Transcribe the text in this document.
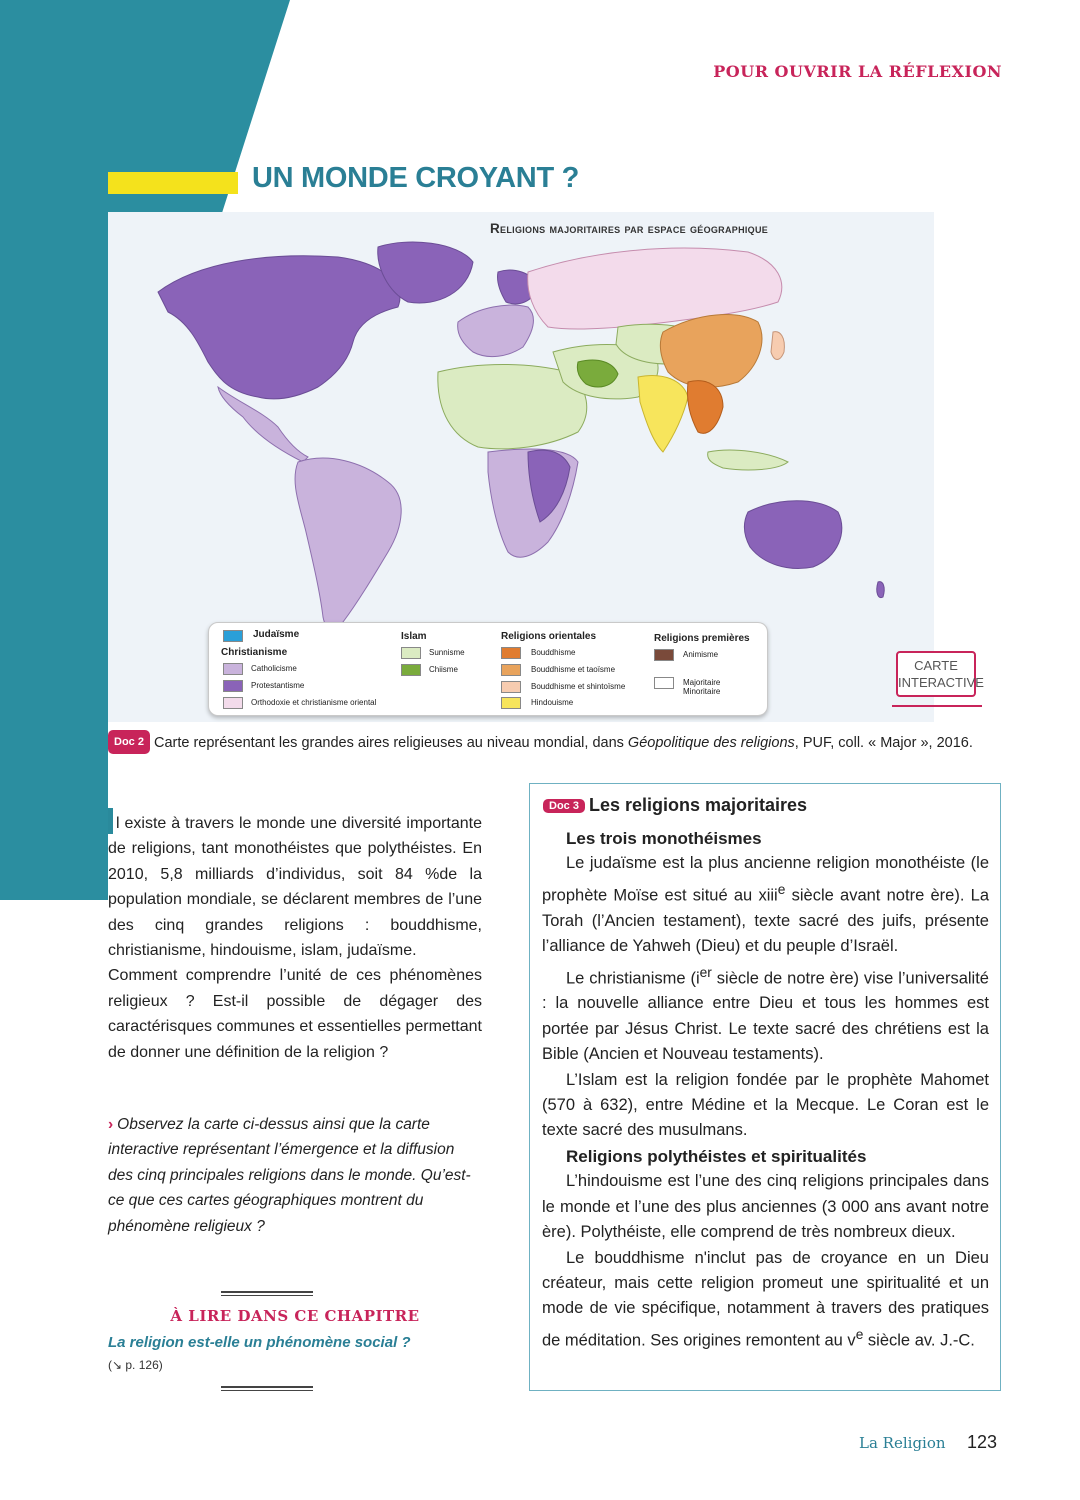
POUR OUVRIR LA RÉFLEXION
UN MONDE CROYANT ?
Religions majoritaires par espace géographique
Judaïsme
Christianisme
Catholicisme
Protestantisme
Orthodoxie et christianisme oriental
Islam
Sunnisme
Chiisme
Religions orientales
Bouddhisme
Bouddhisme et taoïsme
Bouddhisme et shintoïsme
Hindouisme
Religions premières
Animisme
Majoritaire
Minoritaire
CARTE
INTERACTIVE
Doc 2 Carte représentant les grandes aires religieuses au niveau mondial, dans Géopolitique des religions, PUF, coll. « Major », 2016.
l existe à travers le monde une diversité importante de religions, tant monothéistes que polythéistes. En 2010, 5,8 milliards d’individus, soit 84 %de la population mondiale, se déclarent membres de l’une des cinq grandes religions : bouddhisme, christianisme, hindouisme, islam, judaïsme.
Comment comprendre l’unité de ces phénomènes religieux ? Est-il possible de dégager des caractérisques communes et essentielles permettant de donner une définition de la religion ?
› Observez la carte ci-dessus ainsi que la carte interactive représentant l’émergence et la diffusion des cinq principales religions dans le monde. Qu’est-ce que ces cartes géographiques montrent du phénomène religieux ?
À LIRE DANS CE CHAPITRE
La religion est-elle un phénomène social ?
(↘ p. 126)
Doc 3 Les religions majoritaires
Les trois monothéismes

Le judaïsme est la plus ancienne religion monothéiste (le prophète Moïse est situé au xiii$^e$ siècle avant notre ère). La Torah (l’Ancien testament), texte sacré des juifs, présente l’alliance de Yahweh (Dieu) et du peuple d’Israël.

Le christianisme ($i^{er}$ siècle de notre ère) vise l’universalité : la nouvelle alliance entre Dieu et tous les hommes est portée par Jésus Christ. Le texte sacré des chrétiens est la Bible (Ancien et Nouveau testaments).

L’Islam est la religion fondée par le prophète Mahomet (570 à 632), entre Médine et la Mecque. Le Coran est le texte sacré des musulmans.

Religions polythéistes et spiritualités

L’hindouisme est l’une des cinq religions principales dans le monde et l’une des plus anciennes (3 000 ans avant notre ère). Polythéiste, elle comprend de très nombreux dieux.

Le bouddhisme n'inclut pas de croyance en un Dieu créateur, mais cette religion promeut une spiritualité et un mode de vie spécifique, notamment à travers des pratiques de méditation. Ses origines remontent au $v^e$ siècle av. J.-C.

La Religion 123
